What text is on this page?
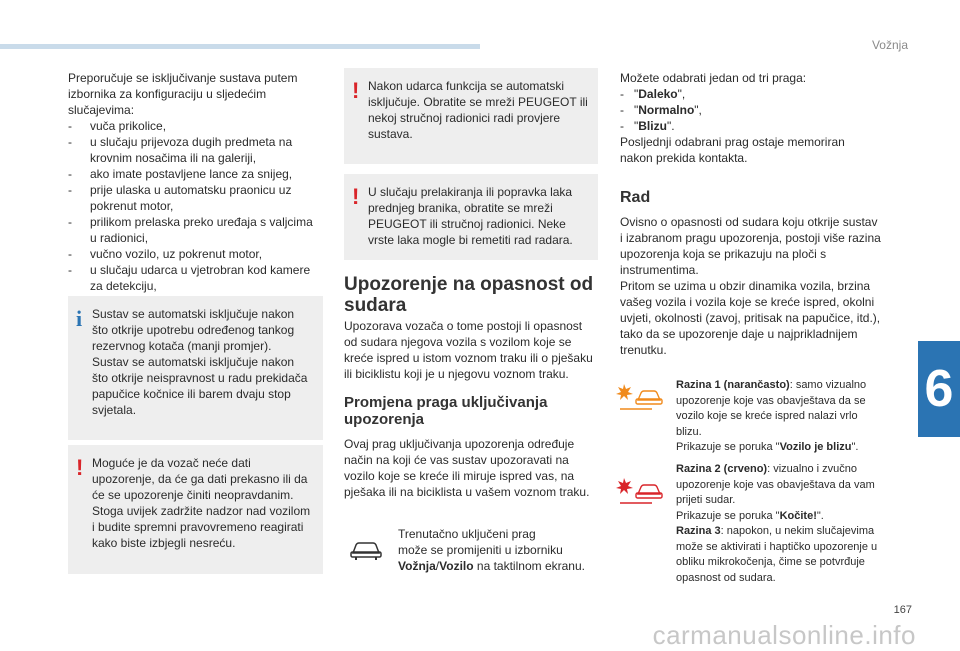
Vožnja
6
167
carmanualsonline.info

Preporučuje se isključivanje sustava putem izbornika za konfiguraciju u sljedećim slučajevima:

- vuča prikolice,
- u slučaju prijevoza dugih predmeta na krovnim nosačima ili na galeriji,
- ako imate postavljene lance za snijeg,
- prije ulaska u automatsku praonicu uz pokrenut motor,
- prilikom prelaska preko uređaja s valjcima u radionici,
- vučno vozilo, uz pokrenut motor,
- u slučaju udarca u vjetrobran kod kamere za detekciju,
i Sustav se automatski isključuje nakon što otkrije upotrebu određenog tankog rezervnog kotača (manji promjer).

Sustav se automatski isključuje nakon što otkrije neispravnost u radu prekidača papučice kočnice ili barem dvaju stop svjetala.

! Moguće je da vozač neće dati upozorenje, da će ga dati prekasno ili da će se upozorenje činiti neopravdanim.

Stoga uvijek zadržite nadzor nad vozilom i budite spremni pravovremeno reagirati kako biste izbjegli nesreću.

! Nakon udarca funkcija se automatski isključuje. Obratite se mreži PEUGEOT ili nekoj stručnoj radionici radi provjere sustava.

! U slučaju prelakiranja ili popravka laka prednjeg branika, obratite se mreži PEUGEOT ili stručnoj radionici. Neke vrste laka mogle bi remetiti rad radara.

Upozorenje na opasnost od
sudara
Upozorava vozača o tome postoji li opasnost od sudara njegova vozila s vozilom koje se kreće ispred u istom voznom traku ili o pješaku ili biciklistu koji je u njegovu voznom traku.
Promjena praga uključivanja
upozorenja
Ovaj prag uključivanja upozorenja određuje način na koji će vas sustav upozoravati na vozilo koje se kreće ili miruje ispred vas, na pješaka ili na biciklista u vašem voznom traku.
Trenutačno uključeni prag
može se promijeniti u izborniku
Vožnja/Vozilo na taktilnom ekranu.

Možete odabrati jedan od tri praga:

-   "Daleko",

-   "Normalno",

-   "Blizu".

Posljednji odabrani prag ostaje memoriran nakon prekida kontakta.

Rad
Ovisno o opasnosti od sudara koju otkrije sustav i izabranom pragu upozorenja, postoji više razina upozorenja koja se prikazuju na ploči s instrumentima.
Pritom se uzima u obzir dinamika vozila, brzina vašeg vozila i vozila koje se kreće ispred, okolni uvjeti, okolnosti (zavoj, pritisak na papučice, itd.), tako da se upozorenje daje u najprikladnijem trenutku.

Razina 1 (narančasto): samo vizualno upozorenje koje vas obavještava da se vozilo koje se kreće ispred nalazi vrlo blizu.

Prikazuje se poruka "Vozilo je blizu".

Razina 2 (crveno): vizualno i zvučno upozorenje koje vas obavještava da vam prijeti sudar.

Prikazuje se poruka "Kočite!".

Razina 3: napokon, u nekim slučajevima može se aktivirati i haptičko upozorenje u obliku mikrokočenja, čime se potvrđuje opasnost od sudara.
